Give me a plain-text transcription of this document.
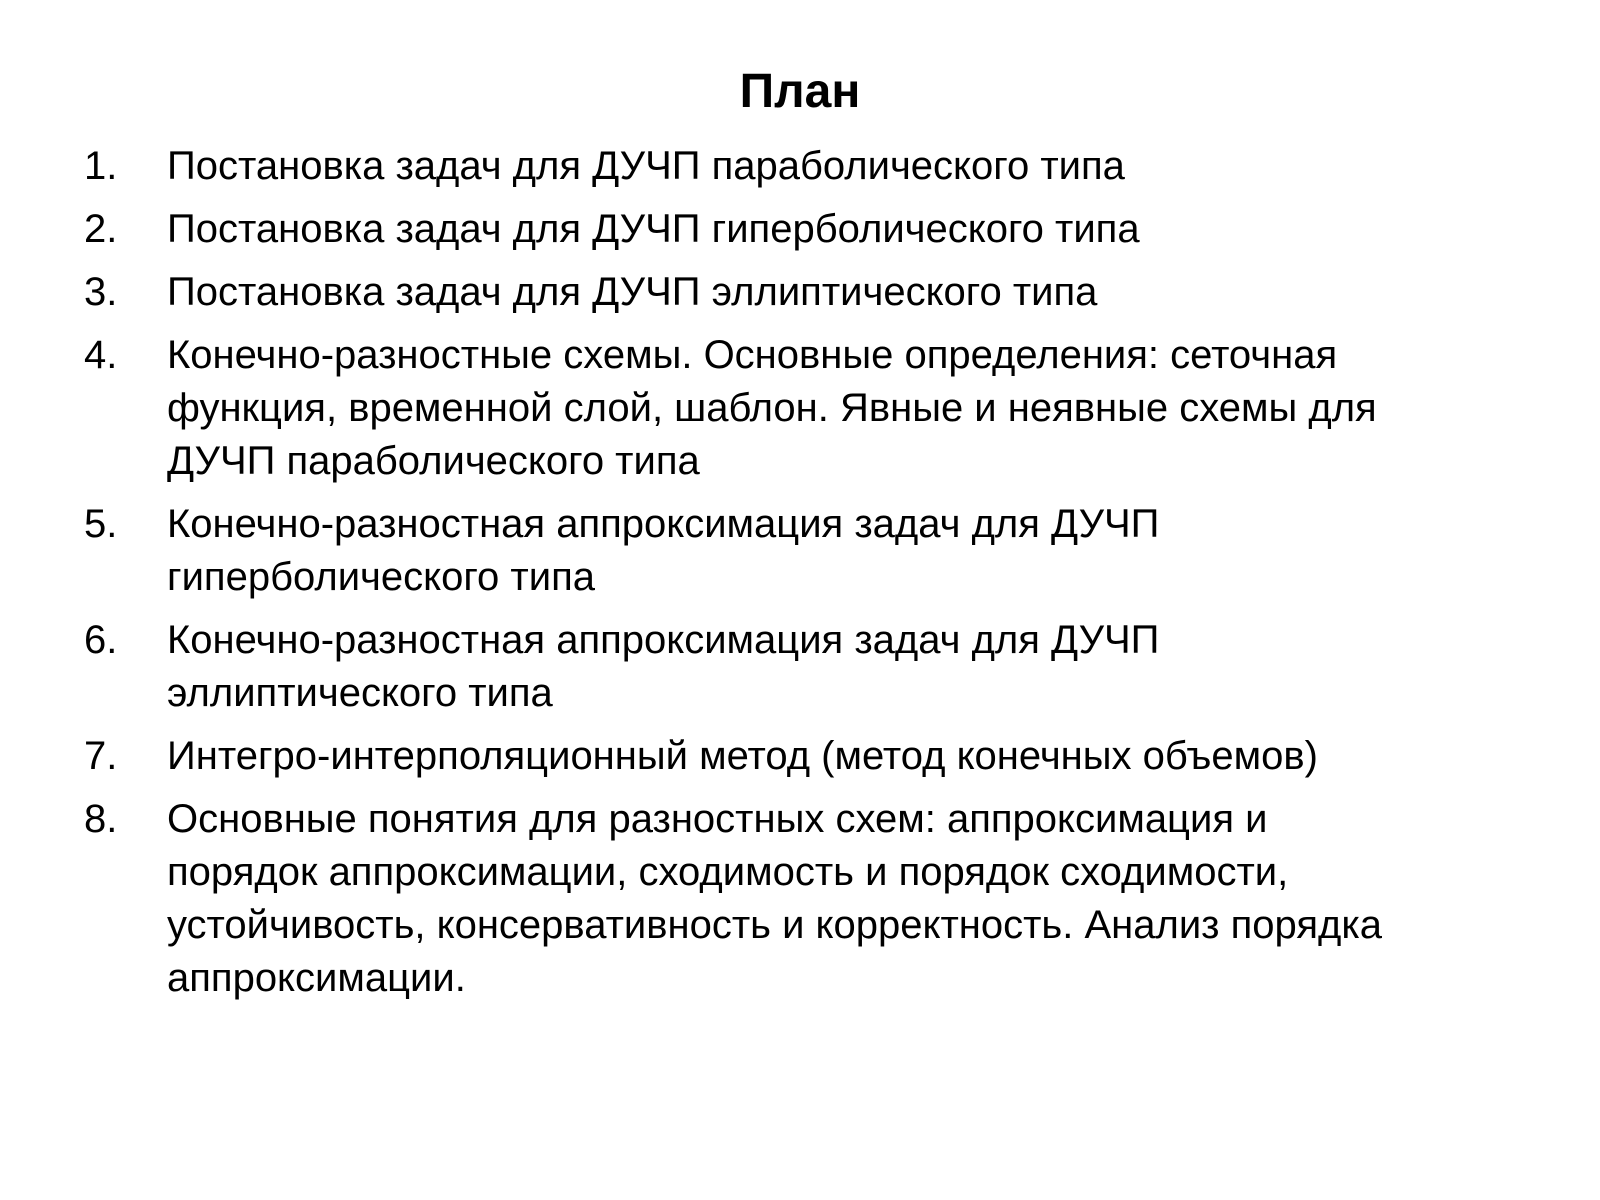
План
1.	Постановка задач для ДУЧП параболического типа
2.	Постановка задач для ДУЧП гиперболического типа
3.	Постановка задач для ДУЧП эллиптического типа
4.	Конечно-разностные схемы. Основные определения: сеточная
функция, временной слой, шаблон. Явные и неявные схемы для
ДУЧП параболического типа
5.	Конечно-разностная аппроксимация задач для ДУЧП
гиперболического типа
6.	Конечно-разностная аппроксимация задач для ДУЧП
эллиптического типа
7.	Интегро-интерполяционный метод (метод конечных объемов)
8.	Основные понятия для разностных схем: аппроксимация и
порядок аппроксимации, сходимость и порядок сходимости,
устойчивость, консервативность и корректность. Анализ порядка
аппроксимации.
